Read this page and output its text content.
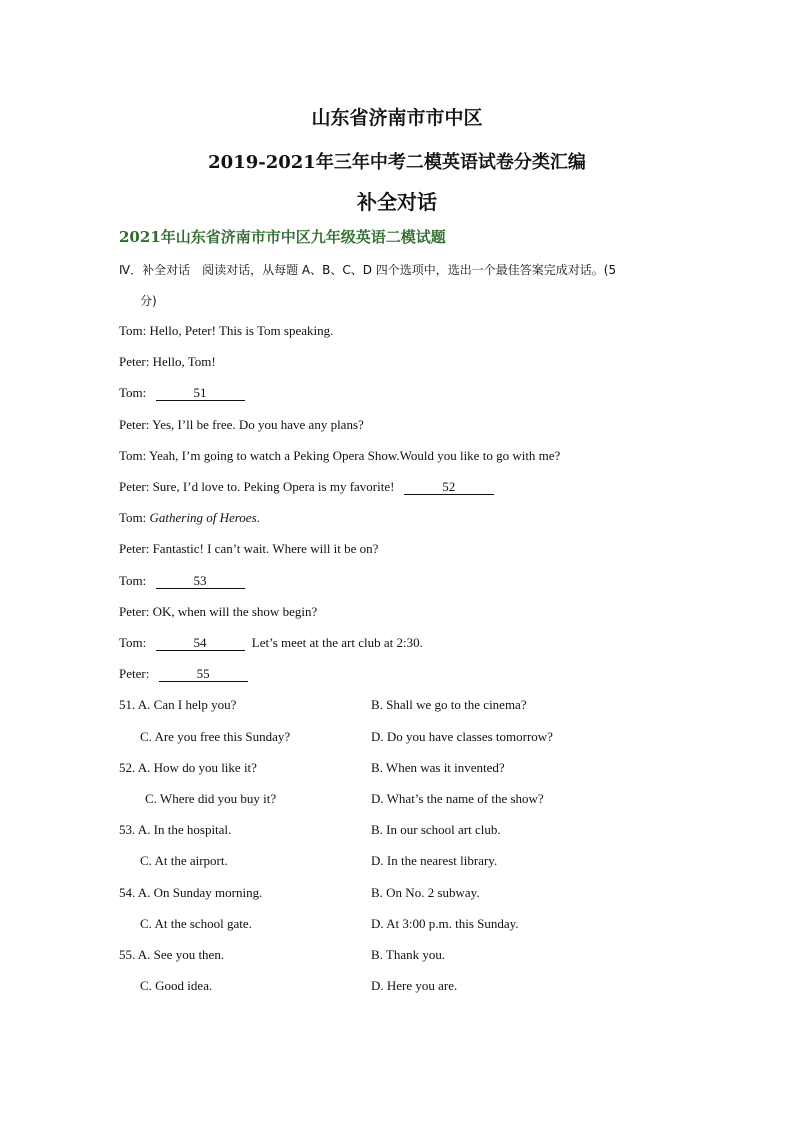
山东省济南市市中区
2019-2021年三年中考二模英语试卷分类汇编
补全对话
2021年山东省济南市市中区九年级英语二模试题
Ⅳ．补全对话　阅读对话，从每题 A、B、C、D 四个选项中，选出一个最佳答案完成对话。(5
分)
Tom: Hello, Peter! This is Tom speaking.
Peter: Hello, Tom!
Tom:	51
Peter: Yes, I’ll be free. Do you have any plans?
Tom: Yeah, I’m going to watch a Peking Opera Show.Would you like to go with me?
Peter: Sure, I’d love to. Peking Opera is my favorite!	52
Tom: Gathering of Heroes.
Peter: Fantastic! I can’t wait. Where will it be on?
Tom:	53
Peter: OK, when will the show begin?
Tom:	54	Let’s meet at the art club at 2:30.
Peter:	55
51. A. Can I help you?	B. Shall we go to the cinema?
C. Are you free this Sunday?	D. Do you have classes tomorrow?
52. A. How do you like it?	B. When was it invented?
C. Where did you buy it?	D. What’s the name of the show?
53. A. In the hospital.	B. In our school art club.
C. At the airport.	D. In the nearest library.
54. A. On Sunday morning.	B. On No. 2 subway.
C. At the school gate.	D. At 3:00 p.m. this Sunday.
55. A. See you then.	B. Thank you.
C. Good idea.	D. Here you are.
